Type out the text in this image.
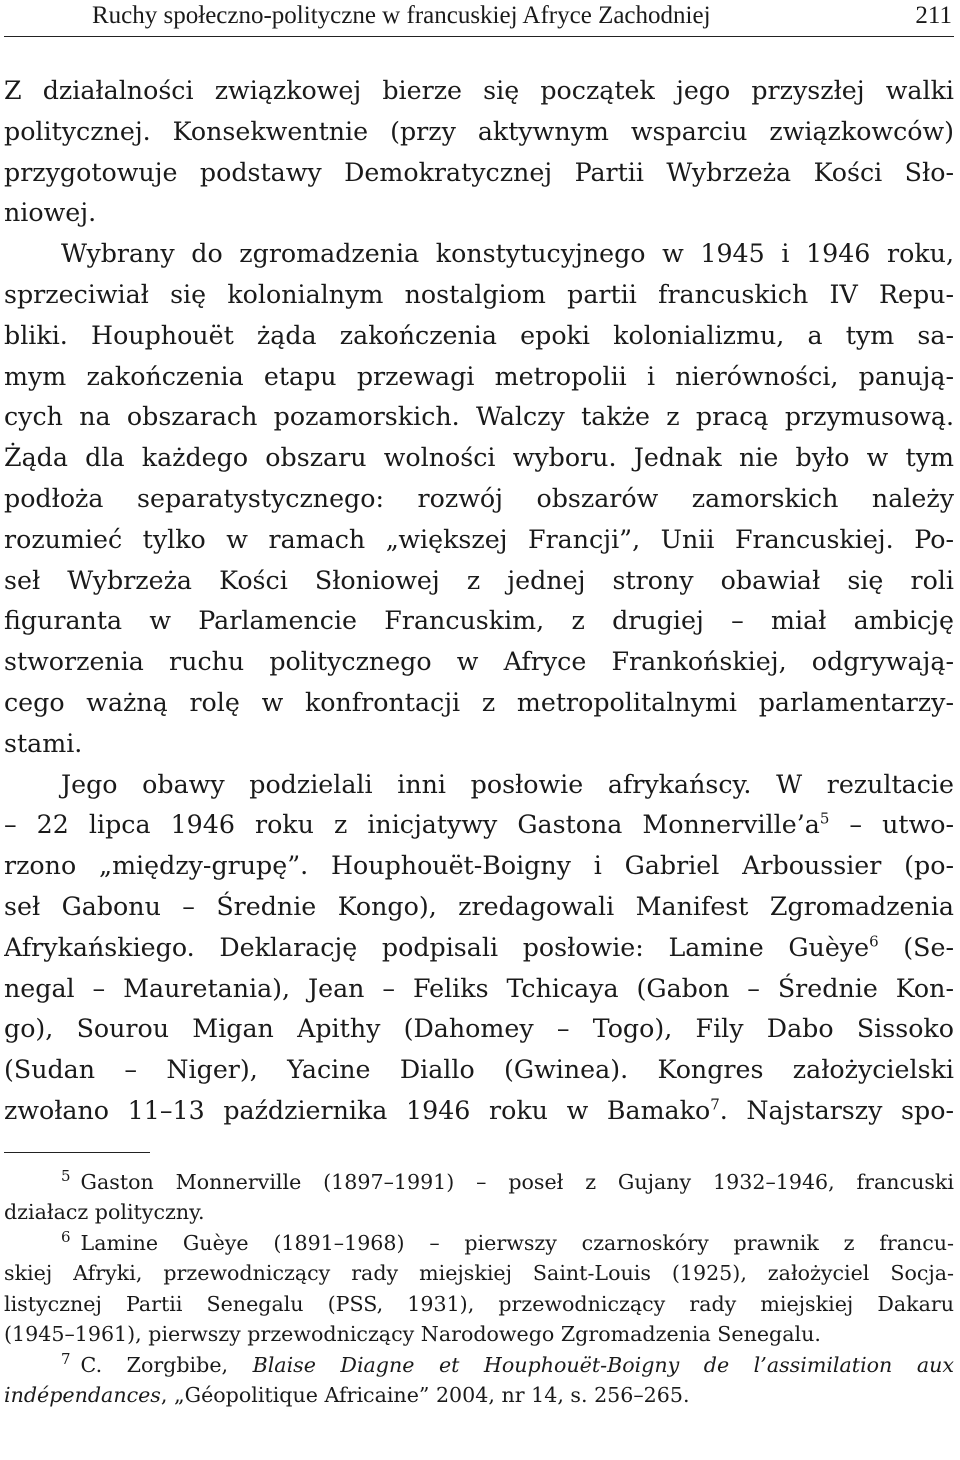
Ruchy społeczno-polityczne w francuskiej Afryce Zachodniej	211
Z działalności związkowej bierze się początek jego przyszłej walki
politycznej. Konsekwentnie (przy aktywnym wsparciu związkowców)
przygotowuje podstawy Demokratycznej Partii Wybrzeża Kości Sło-
niowej.
Wybrany do zgromadzenia konstytucyjnego w 1945 i 1946 roku,
sprzeciwiał się kolonialnym nostalgiom partii francuskich IV Repu-
bliki. Houphouët żąda zakończenia epoki kolonializmu, a tym sa-
mym zakończenia etapu przewagi metropolii i nierówności, panują-
cych na obszarach pozamorskich. Walczy także z pracą przymusową.
Żąda dla każdego obszaru wolności wyboru. Jednak nie było w tym
podłoża separatystycznego: rozwój obszarów zamorskich należy
rozumieć tylko w ramach „większej Francji”, Unii Francuskiej. Po-
seł Wybrzeża Kości Słoniowej z jednej strony obawiał się roli
figuranta w Parlamencie Francuskim, z drugiej – miał ambicję
stworzenia ruchu politycznego w Afryce Frankońskiej, odgrywają-
cego ważną rolę w konfrontacji z metropolitalnymi parlamentarzy-
stami.
Jego obawy podzielali inni posłowie afrykańscy. W rezultacie
– 22 lipca 1946 roku z inicjatywy Gastona $Monnerville’a^5$ – utwo-
rzono „między-grupę”. Houphouët-Boigny i Gabriel Arboussier (po-
seł Gabonu – Średnie Kongo), zredagowali Manifest Zgromadzenia
Afrykańskiego. Deklarację podpisali posłowie: Lamine Guèye$^6$ (Se-
negal – Mauretania), Jean – Feliks Tchicaya (Gabon – Średnie Kon-
go), Sourou Migan Apithy (Dahomey – Togo), Fily Dabo Sissoko
(Sudan – Niger), Yacine Diallo (Gwinea). Kongres założycielski
zwołano 11–13 października 1946 roku w Bamako$^7$. Najstarszy spo-
$^5$ Gaston Monnerville (1897–1991) – poseł z Gujany 1932–1946, francuski
działacz polityczny.
$^6$ Lamine Guèye (1891–1968) – pierwszy czarnoskóry prawnik z francu-
skiej Afryki, przewodniczący rady miejskiej Saint-Louis (1925), założyciel Socja-
listycznej Partii Senegalu (PSS, 1931), przewodniczący rady miejskiej Dakaru
(1945–1961), pierwszy przewodniczący Narodowego Zgromadzenia Senegalu.
$^7$ C. Zorgbibe, Blaise Diagne et Houphouët-Boigny de l’assimilation aux
indépendances, „Géopolitique Africaine” 2004, nr 14, s. 256–265.
